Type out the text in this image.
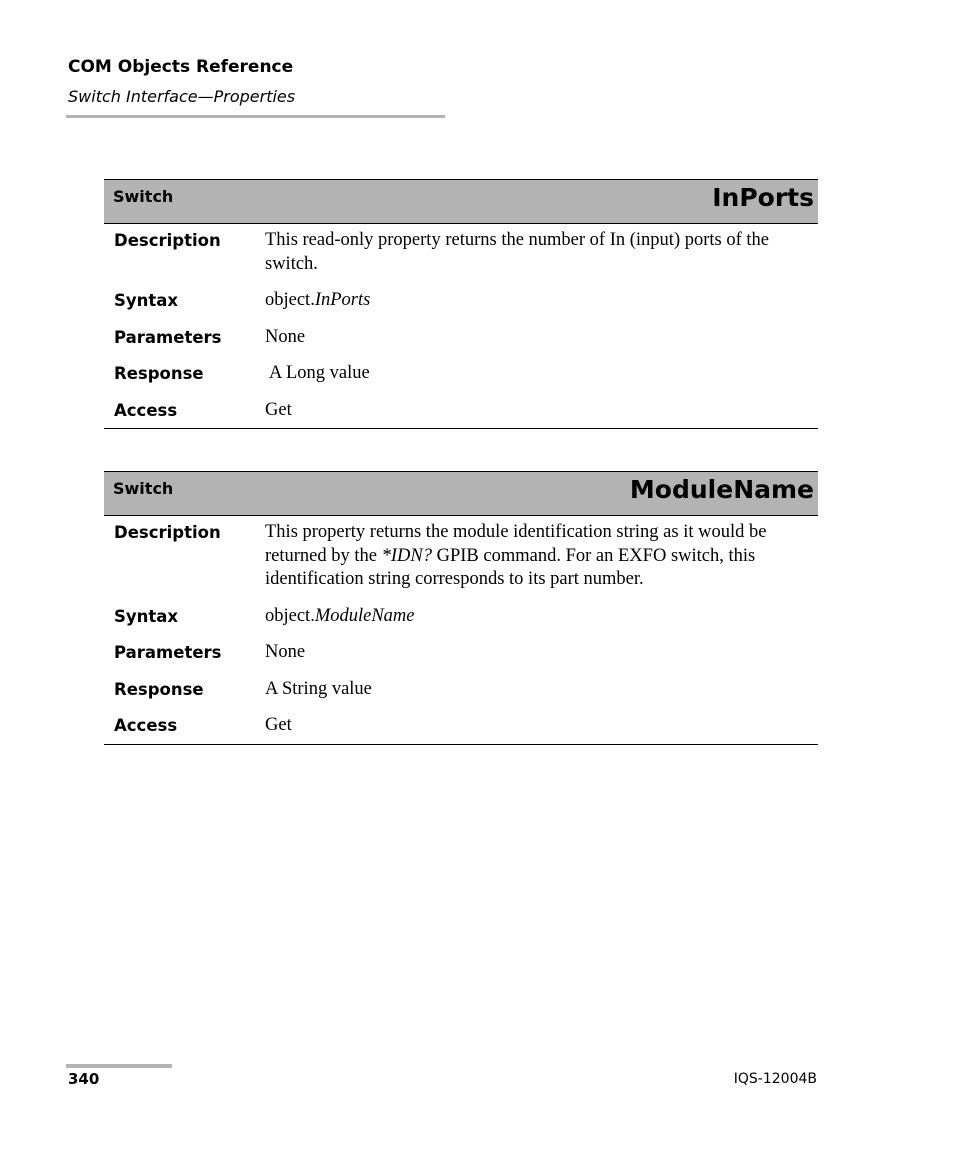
COM Objects Reference
Switch Interface—Properties
Switch	InPorts
Description	This read-only property returns the number of In (input) ports of the switch.
Syntax	object.InPorts
Parameters	None
Response	A Long value
Access	Get
Switch	ModuleName
Description	This property returns the module identification string as it would be returned by the *IDN? GPIB command. For an EXFO switch, this identification string corresponds to its part number.
Syntax	object.ModuleName
Parameters	None
Response	A String value
Access	Get
340	IQS-12004B
